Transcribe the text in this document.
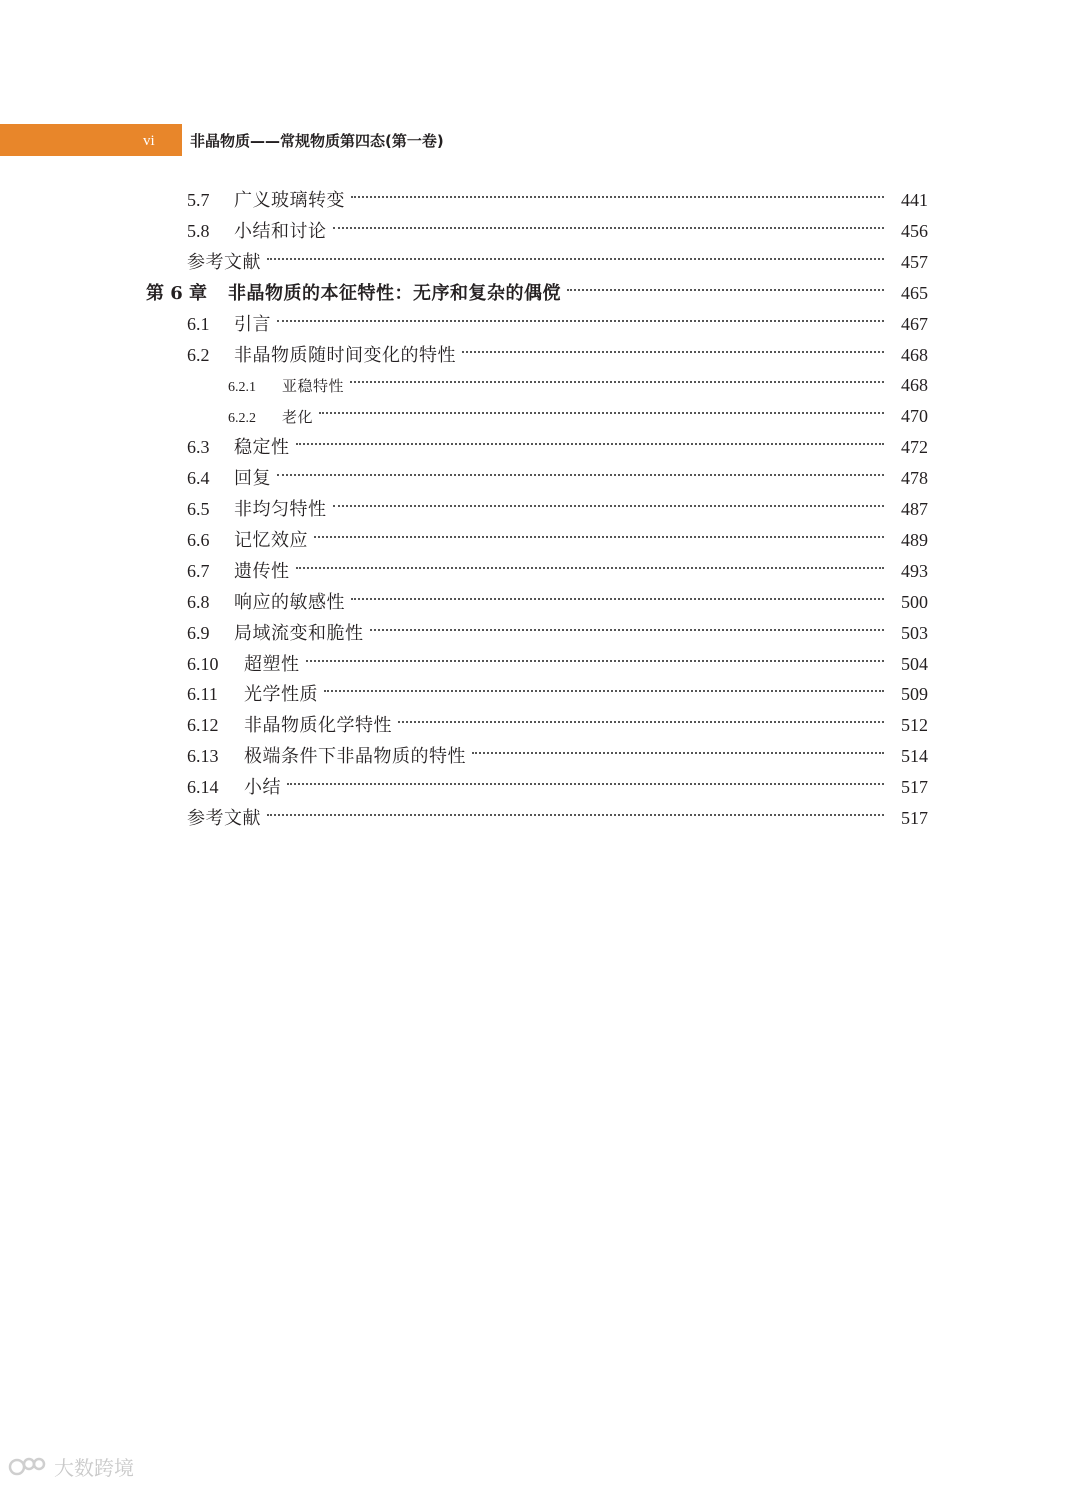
vi 非晶物质——常规物质第四态(第一卷)
5.7	广义玻璃转变	441
5.8	小结和讨论	456
参考文献	457
第 6 章	非晶物质的本征特性：无序和复杂的偶傥	465
6.1	引言	467
6.2	非晶物质随时间变化的特性	468
6.2.1	亚稳特性	468
6.2.2	老化	470
6.3	稳定性	472
6.4	回复	478
6.5	非均匀特性	487
6.6	记忆效应	489
6.7	遗传性	493
6.8	响应的敏感性	500
6.9	局域流变和脆性	503
6.10	超塑性	504
6.11	光学性质	509
6.12	非晶物质化学特性	512
6.13	极端条件下非晶物质的特性	514
6.14	小结	517
参考文献	517
大数跨境
